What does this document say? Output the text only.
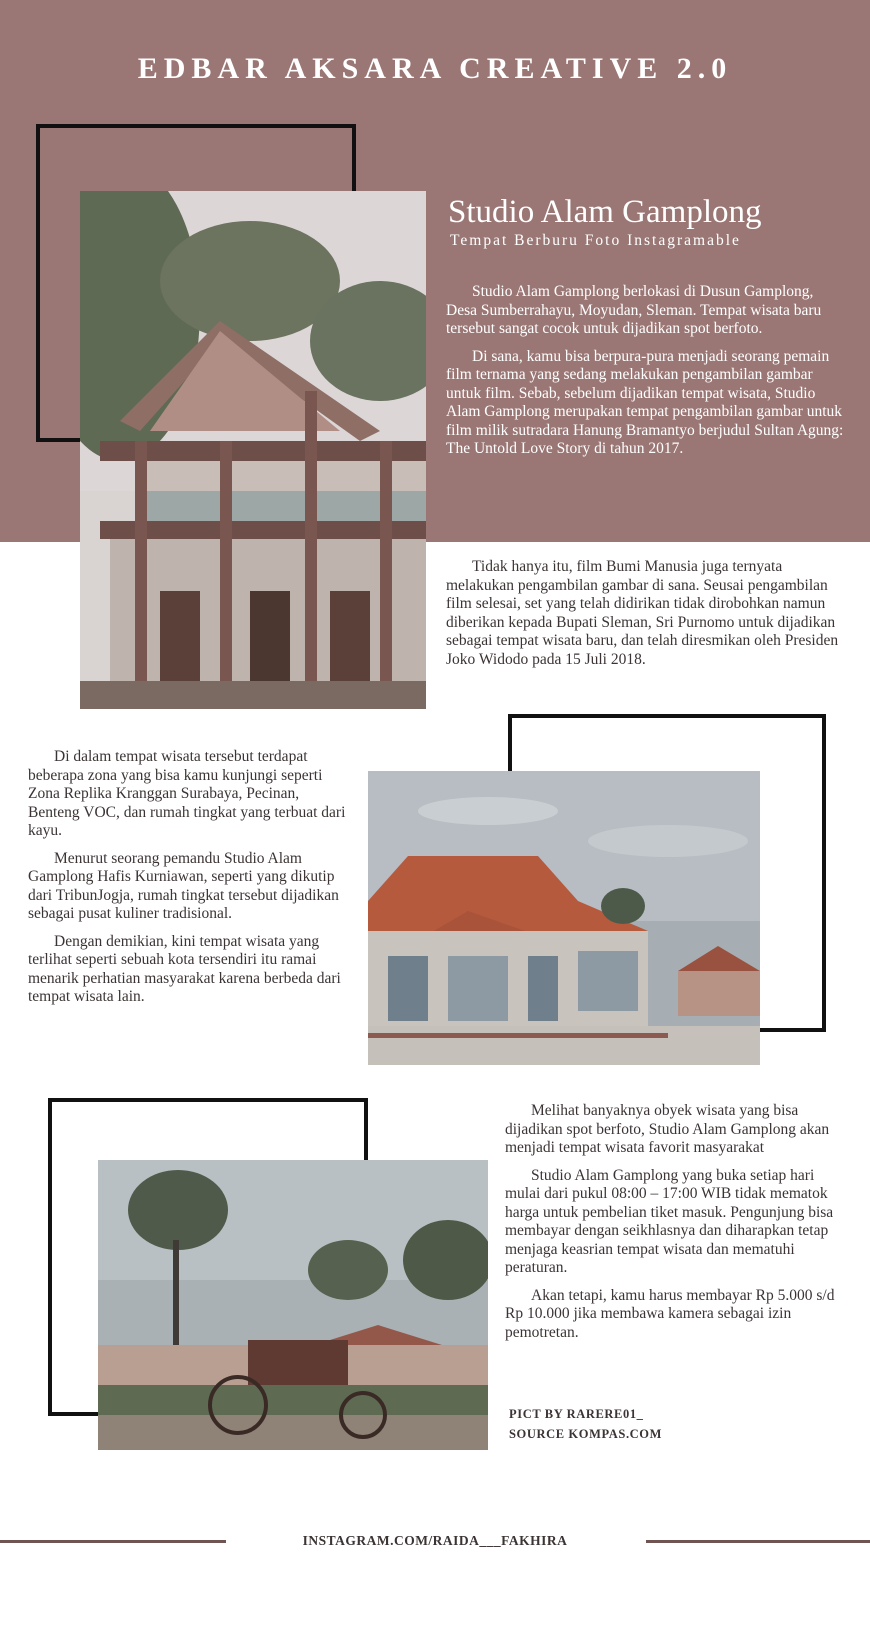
EDBAR AKSARA CREATIVE 2.0
Studio Alam Gamplong
Tempat Berburu Foto Instagramable

Studio Alam Gamplong berlokasi di Dusun Gamplong, Desa Sumberrahayu, Moyudan, Sleman. Tempat wisata baru tersebut sangat cocok untuk dijadikan spot berfoto.

Di sana, kamu bisa berpura-pura menjadi seorang pemain film ternama yang sedang melakukan pengambilan gambar untuk film. Sebab, sebelum dijadikan tempat wisata, Studio Alam Gamplong merupakan tempat pengambilan gambar untuk film milik sutradara Hanung Bramantyo berjudul Sultan Agung: The Untold Love Story di tahun 2017.

Tidak hanya itu, film Bumi Manusia juga ternyata melakukan pengambilan gambar di sana. Seusai pengambilan film selesai, set yang telah didirikan tidak dirobohkan namun diberikan kepada Bupati Sleman, Sri Purnomo untuk dijadikan sebagai tempat wisata baru, dan telah diresmikan oleh Presiden Joko Widodo pada 15 Juli 2018.

Di dalam tempat wisata tersebut terdapat beberapa zona yang bisa kamu kunjungi seperti Zona Replika Kranggan Surabaya, Pecinan, Benteng VOC, dan rumah tingkat yang terbuat dari kayu.

Menurut seorang pemandu Studio Alam Gamplong Hafis Kurniawan, seperti yang dikutip dari TribunJogja, rumah tingkat tersebut dijadikan sebagai pusat kuliner tradisional.

Dengan demikian, kini tempat wisata yang terlihat seperti sebuah kota tersendiri itu ramai menarik perhatian masyarakat karena berbeda dari tempat wisata lain.

Melihat banyaknya obyek wisata yang bisa dijadikan spot berfoto, Studio Alam Gamplong akan menjadi tempat wisata favorit masyarakat

Studio Alam Gamplong yang buka setiap hari mulai dari pukul 08:00 – 17:00 WIB tidak mematok harga untuk pembelian tiket masuk. Pengunjung bisa membayar dengan seikhlasnya dan diharapkan tetap menjaga keasrian tempat wisata dan mematuhi peraturan.

Akan tetapi, kamu harus membayar Rp 5.000 s/d Rp 10.000 jika membawa kamera sebagai izin pemotretan.

PICT BY RARERE01_
SOURCE KOMPAS.COM
INSTAGRAM.COM/RAIDA___FAKHIRA
